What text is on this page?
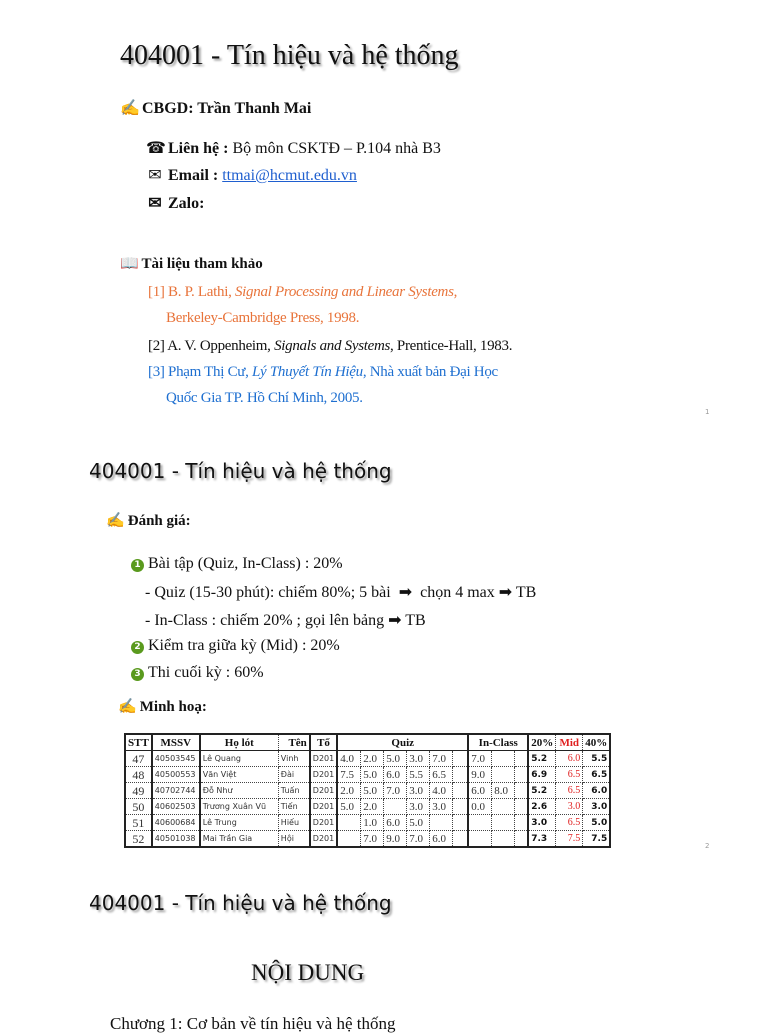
404001 - Tín hiệu và hệ thống
✍ CBGD: Trần Thanh Mai
☎ Liên hệ : Bộ môn CSKTĐ – P.104 nhà B3
✉ Email : ttmai@hcmut.edu.vn
✉ Zalo:
📖 Tài liệu tham khảo
[1] B. P. Lathi, Signal Processing and Linear Systems,
Berkeley-Cambridge Press, 1998.
[2] A. V. Oppenheim, Signals and Systems, Prentice-Hall, 1983.
[3] Phạm Thị Cư, Lý Thuyết Tín Hiệu, Nhà xuất bản Đại Học
Quốc Gia TP. Hồ Chí Minh, 2005.
1
404001 - Tín hiệu và hệ thống
✍ Đánh giá:
1 Bài tập (Quiz, In-Class) : 20%
- Quiz (15-30 phút): chiếm 80%; 5 bài ➡ chọn 4 max ➡ TB
- In-Class : chiếm 20% ; gọi lên bảng ➡ TB
2 Kiểm tra giữa kỳ (Mid) : 20%
3 Thi cuối kỳ : 60%
✍ Minh hoạ:
STT	MSSV	Họ lót	Tên	Tổ	Quiz						In-Class			20%	Mid	40%
47	40503545	Lê Quang	Vinh	D201	4.0	2.0	5.0	3.0	7.0		7.0			5.2	6.0	5.5
48	40500553	Văn Việt	Đài	D201	7.5	5.0	6.0	5.5	6.5		9.0			6.9	6.5	6.5
49	40702744	Đỗ Như	Tuấn	D201	2.0	5.0	7.0	3.0	4.0		6.0	8.0		5.2	6.5	6.0
50	40602503	Trương Xuân Vũ	Tiến	D201	5.0	2.0		3.0	3.0		0.0			2.6	3.0	3.0
51	40600684	Lê Trung	Hiếu	D201		1.0	6.0	5.0						3.0	6.5	5.0
52	40501038	Mai Trần Gia	Hội	D201		7.0	9.0	7.0	6.0					7.3	7.5	7.5
2
404001 - Tín hiệu và hệ thống
NỘI DUNG
Chương 1: Cơ bản về tín hiệu và hệ thống
